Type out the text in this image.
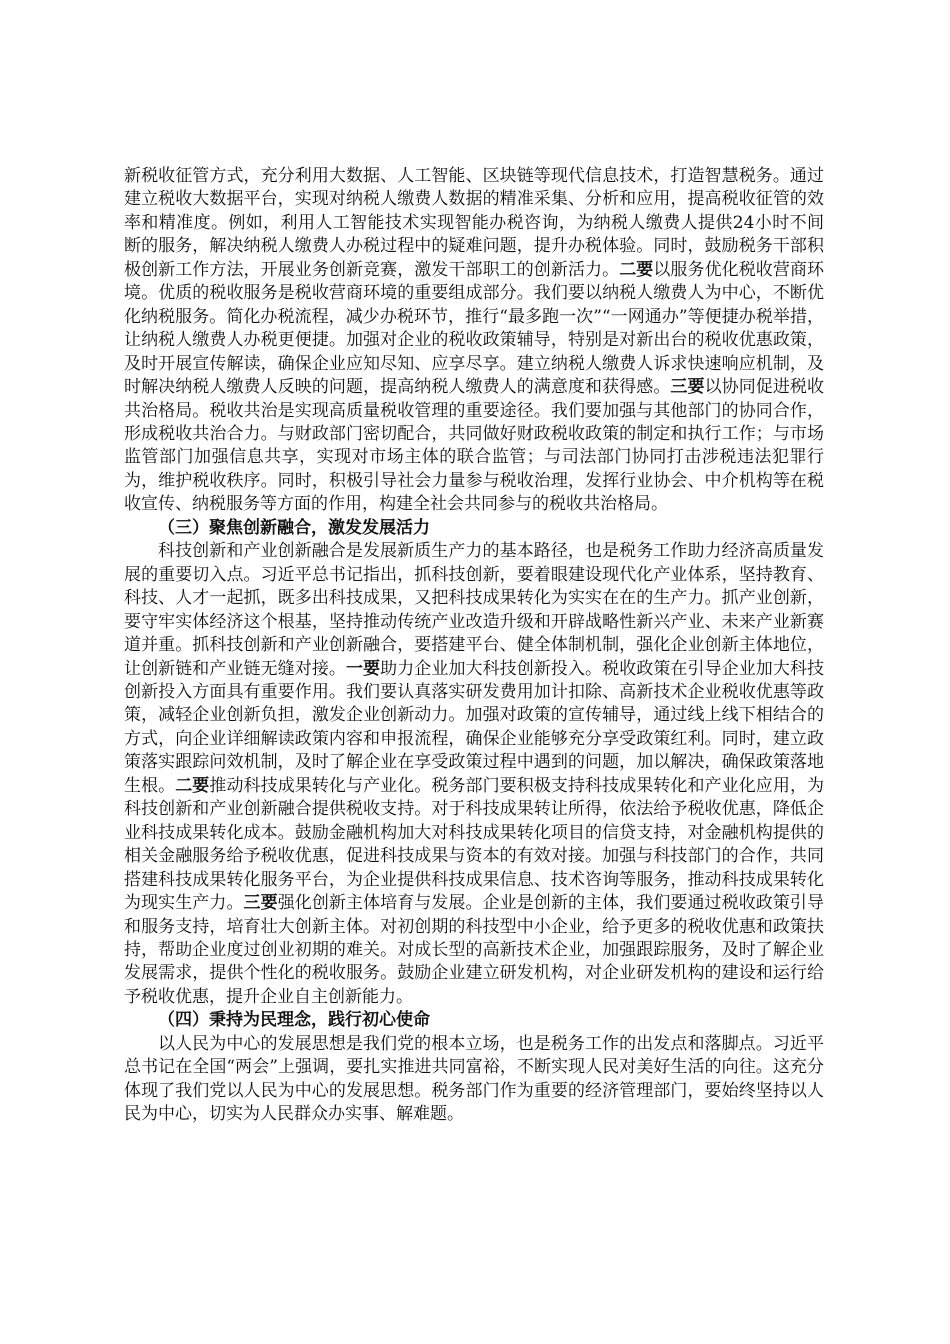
新税收征管方式，充分利用大数据、人工智能、区块链等现代信息技术，打造智慧税务。通过建立税收大数据平台，实现对纳税人缴费人数据的精准采集、分析和应用，提高税收征管的效率和精准度。例如，利用人工智能技术实现智能办税咨询，为纳税人缴费人提供24小时不间断的服务，解决纳税人缴费人办税过程中的疑难问题，提升办税体验。同时，鼓励税务干部积极创新工作方法，开展业务创新竞赛，激发干部职工的创新活力。二要以服务优化税收营商环境。优质的税收服务是税收营商环境的重要组成部分。我们要以纳税人缴费人为中心，不断优化纳税服务。简化办税流程，减少办税环节，推行“最多跑一次”“一网通办”等便捷办税举措，让纳税人缴费人办税更便捷。加强对企业的税收政策辅导，特别是对新出台的税收优惠政策，及时开展宣传解读，确保企业应知尽知、应享尽享。建立纳税人缴费人诉求快速响应机制，及时解决纳税人缴费人反映的问题，提高纳税人缴费人的满意度和获得感。三要以协同促进税收共治格局。税收共治是实现高质量税收管理的重要途径。我们要加强与其他部门的协同合作，形成税收共治合力。与财政部门密切配合，共同做好财政税收政策的制定和执行工作；与市场监管部门加强信息共享，实现对市场主体的联合监管；与司法部门协同打击涉税违法犯罪行为，维护税收秩序。同时，积极引导社会力量参与税收治理，发挥行业协会、中介机构等在税收宣传、纳税服务等方面的作用，构建全社会共同参与的税收共治格局。

（三）聚焦创新融合，激发发展活力

科技创新和产业创新融合是发展新质生产力的基本路径，也是税务工作助力经济高质量发展的重要切入点。习近平总书记指出，抓科技创新，要着眼建设现代化产业体系，坚持教育、科技、人才一起抓，既多出科技成果，又把科技成果转化为实实在在的生产力。抓产业创新，要守牢实体经济这个根基，坚持推动传统产业改造升级和开辟战略性新兴产业、未来产业新赛道并重。抓科技创新和产业创新融合，要搭建平台、健全体制机制，强化企业创新主体地位，让创新链和产业链无缝对接。一要助力企业加大科技创新投入。税收政策在引导企业加大科技创新投入方面具有重要作用。我们要认真落实研发费用加计扣除、高新技术企业税收优惠等政策，减轻企业创新负担，激发企业创新动力。加强对政策的宣传辅导，通过线上线下相结合的方式，向企业详细解读政策内容和申报流程，确保企业能够充分享受政策红利。同时，建立政策落实跟踪问效机制，及时了解企业在享受政策过程中遇到的问题，加以解决，确保政策落地生根。二要推动科技成果转化与产业化。税务部门要积极支持科技成果转化和产业化应用，为科技创新和产业创新融合提供税收支持。对于科技成果转让所得，依法给予税收优惠，降低企业科技成果转化成本。鼓励金融机构加大对科技成果转化项目的信贷支持，对金融机构提供的相关金融服务给予税收优惠，促进科技成果与资本的有效对接。加强与科技部门的合作，共同搭建科技成果转化服务平台，为企业提供科技成果信息、技术咨询等服务，推动科技成果转化为现实生产力。三要强化创新主体培育与发展。企业是创新的主体，我们要通过税收政策引导和服务支持，培育壮大创新主体。对初创期的科技型中小企业，给予更多的税收优惠和政策扶持，帮助企业度过创业初期的难关。对成长型的高新技术企业，加强跟踪服务，及时了解企业发展需求，提供个性化的税收服务。鼓励企业建立研发机构，对企业研发机构的建设和运行给予税收优惠，提升企业自主创新能力。

（四）秉持为民理念，践行初心使命

以人民为中心的发展思想是我们党的根本立场，也是税务工作的出发点和落脚点。习近平总书记在全国“两会”上强调，要扎实推进共同富裕，不断实现人民对美好生活的向往。这充分体现了我们党以人民为中心的发展思想。税务部门作为重要的经济管理部门，要始终坚持以人民为中心，切实为人民群众办实事、解难题。
